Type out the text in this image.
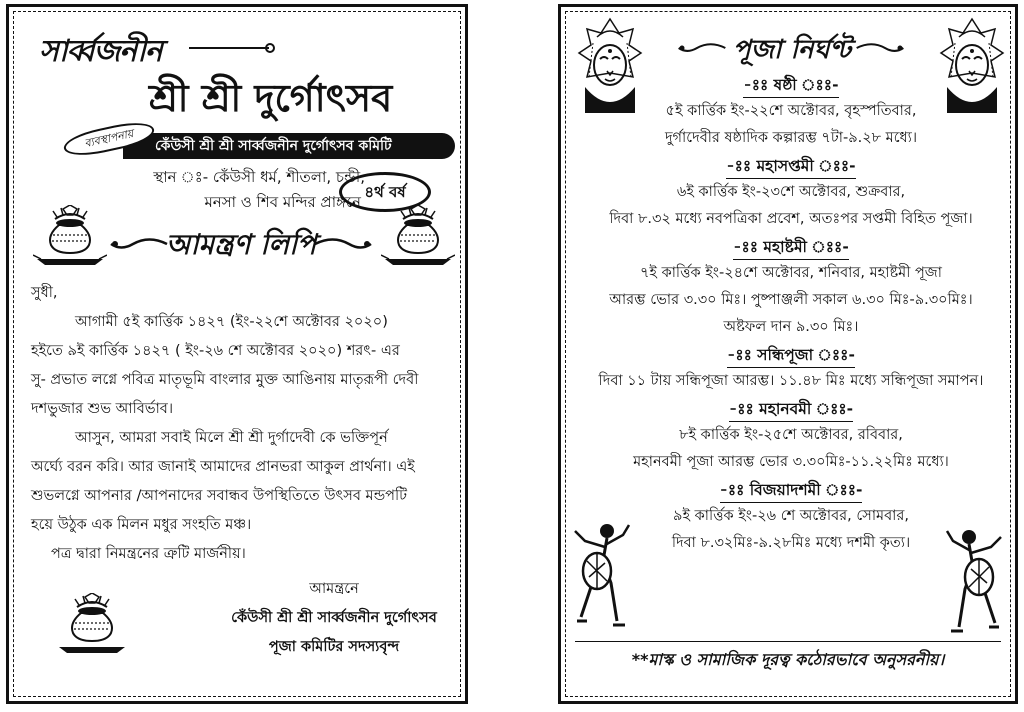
সার্ব্বজনীন
শ্রী শ্রী দুর্গোৎসব
ব্যবস্থাপনায়	কেঁউসী শ্রী শ্রী সার্ব্বজনীন দুর্গোৎসব কমিটি
স্থান ঃ- কেঁউসী ধর্ম, শীতলা, চন্ডী,
মনসা ও শিব মন্দির প্রাঙ্গনে
৪র্থ বর্ষ
আমন্ত্রণ লিপি

সুধী,

আগামী ৫ই কার্ত্তিক ১৪২৭ (ইং-২২শে অক্টোবর ২০২০)

হইতে ৯ই কার্ত্তিক ১৪২৭ ( ইং-২৬ শে অক্টোবর ২০২০) শরৎ- এর

সু- প্রভাত লগ্নে পবিত্র মাতৃভূমি বাংলার মুক্ত আঙিনায় মাতৃরূপী দেবী

দশভুজার শুভ আবির্ভাব।

আসুন, আমরা সবাই মিলে শ্রী শ্রী দুর্গাদেবী কে ভক্তিপূর্ন

অর্ঘ্যে বরন করি। আর জানাই আমাদের প্রানভরা আকুল প্রার্থনা। এই

শুভলগ্নে আপনার /আপনাদের সবান্ধব উপস্থিতিতে উৎসব মন্ডপটি

হয়ে উঠুক এক মিলন মধুর সংহতি মঞ্চ।

পত্র দ্বারা নিমন্ত্রনের ত্রুটি মার্জনীয়।

আমন্ত্রনে
কেঁউসী শ্রী শ্রী সার্ব্বজনীন দুর্গোৎসব
পূজা কমিটির সদস্যবৃন্দ
পূজা নির্ঘণ্ট
-ঃঃ ষষ্ঠী ঃঃ-
৫ই কার্ত্তিক ইং-২২শে অক্টোবর, বৃহস্পতিবার,
দুর্গাদেবীর ষষ্ঠাদিক কল্পারম্ভ ৭টা-৯.২৮ মধ্যে।
-ঃঃ মহাসপ্তমী ঃঃ-
৬ই কার্ত্তিক ইং-২৩শে অক্টোবর, শুক্রবার,
দিবা ৮.৩২ মধ্যে নবপত্রিকা প্রবেশ, অতঃপর সপ্তমী বিহিত পূজা।
-ঃঃ মহাষ্টমী ঃঃ-
৭ই কার্ত্তিক ইং-২৪শে অক্টোবর, শনিবার, মহাষ্টমী পূজা
আরম্ভ ভোর ৩.৩০ মিঃ। পুষ্পাঞ্জলী সকাল ৬.৩০ মিঃ-৯.৩০মিঃ।
অষ্টফল দান ৯.৩০ মিঃ।
-ঃঃ সন্ধিপূজা ঃঃ-
দিবা ১১ টায় সন্ধিপূজা আরম্ভ। ১১.৪৮ মিঃ মধ্যে সন্ধিপূজা সমাপন।
-ঃঃ মহানবমী ঃঃ-
৮ই কার্ত্তিক ইং-২৫শে অক্টোবর, রবিবার,
মহানবমী পূজা আরম্ভ ভোর ৩.৩০মিঃ-১১.২২মিঃ মধ্যে।
-ঃঃ বিজয়াদশমী ঃঃ-
৯ই কার্ত্তিক ইং-২৬ শে অক্টোবর, সোমবার,
দিবা ৮.৩২মিঃ-৯.২৮মিঃ মধ্যে দশমী কৃত্য।
**মাস্ক ও সামাজিক দূরত্ব কঠোরভাবে অনুসরনীয়।
